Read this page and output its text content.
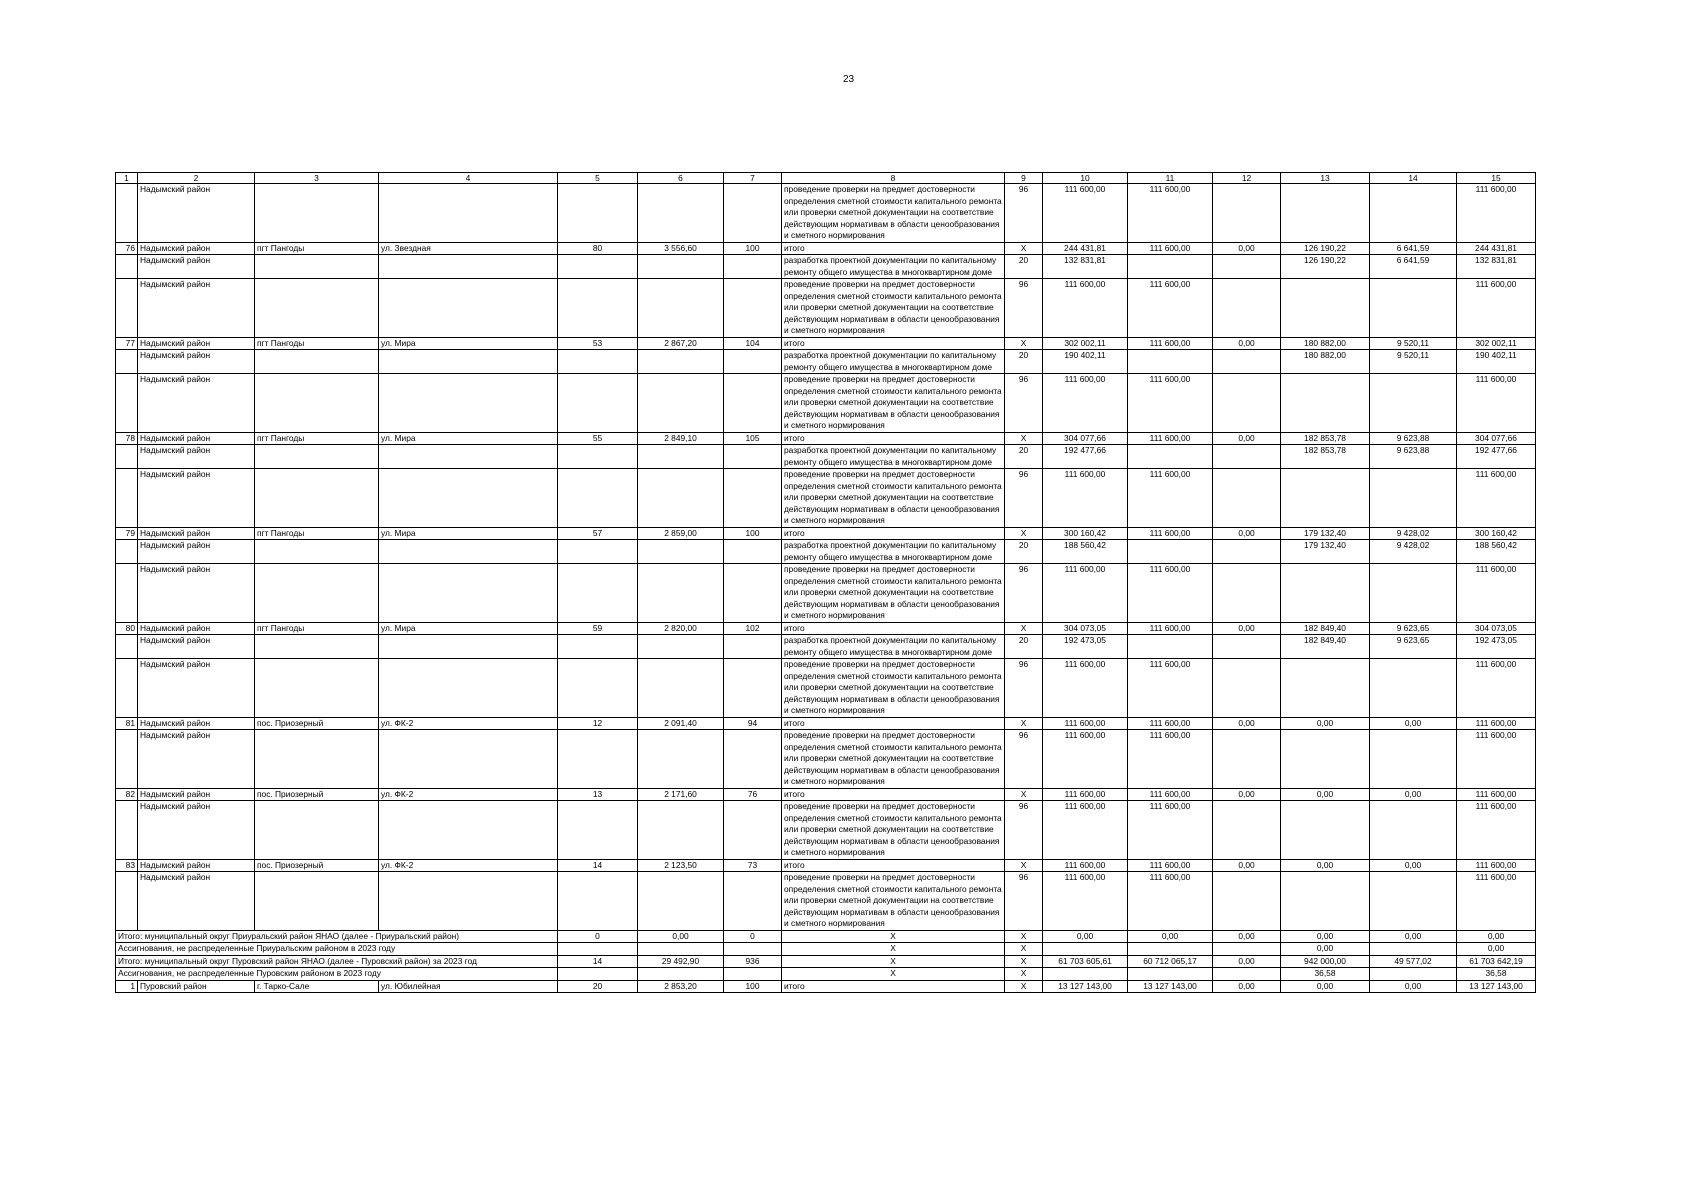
23
1	2	3	4	5	6	7	8	9	10	11	12	13	14	15
	Надымский район						проведение проверки на предмет достоверности определения сметной стоимости капитального ремонта или проверки сметной документации на соответствие действующим нормативам в области ценообразования и сметного нормирования	96	111 600,00	111 600,00				111 600,00
76	Надымский район	пгт Пангоды	ул. Звездная	80	3 556,60	100	итого	X	244 431,81	111 600,00	0,00	126 190,22	6 641,59	244 431,81
	Надымский район						разработка проектной документации по капитальному ремонту общего имущества в многоквартирном доме	20	132 831,81			126 190,22	6 641,59	132 831,81
	Надымский район						проведение проверки на предмет достоверности определения сметной стоимости капитального ремонта или проверки сметной документации на соответствие действующим нормативам в области ценообразования и сметного нормирования	96	111 600,00	111 600,00				111 600,00
77	Надымский район	пгт Пангоды	ул. Мира	53	2 867,20	104	итого	X	302 002,11	111 600,00	0,00	180 882,00	9 520,11	302 002,11
	Надымский район						разработка проектной документации по капитальному ремонту общего имущества в многоквартирном доме	20	190 402,11			180 882,00	9 520,11	190 402,11
	Надымский район						проведение проверки на предмет достоверности определения сметной стоимости капитального ремонта или проверки сметной документации на соответствие действующим нормативам в области ценообразования и сметного нормирования	96	111 600,00	111 600,00				111 600,00
78	Надымский район	пгт Пангоды	ул. Мира	55	2 849,10	105	итого	X	304 077,66	111 600,00	0,00	182 853,78	9 623,88	304 077,66
	Надымский район						разработка проектной документации по капитальному ремонту общего имущества в многоквартирном доме	20	192 477,66			182 853,78	9 623,88	192 477,66
	Надымский район						проведение проверки на предмет достоверности определения сметной стоимости капитального ремонта или проверки сметной документации на соответствие действующим нормативам в области ценообразования и сметного нормирования	96	111 600,00	111 600,00				111 600,00
79	Надымский район	пгт Пангоды	ул. Мира	57	2 859,00	100	итого	X	300 160,42	111 600,00	0,00	179 132,40	9 428,02	300 160,42
	Надымский район						разработка проектной документации по капитальному ремонту общего имущества в многоквартирном доме	20	188 560,42			179 132,40	9 428,02	188 560,42
	Надымский район						проведение проверки на предмет достоверности определения сметной стоимости капитального ремонта или проверки сметной документации на соответствие действующим нормативам в области ценообразования и сметного нормирования	96	111 600,00	111 600,00				111 600,00
80	Надымский район	пгт Пангоды	ул. Мира	59	2 820,00	102	итого	X	304 073,05	111 600,00	0,00	182 849,40	9 623,65	304 073,05
	Надымский район						разработка проектной документации по капитальному ремонту общего имущества в многоквартирном доме	20	192 473,05			182 849,40	9 623,65	192 473,05
	Надымский район						проведение проверки на предмет достоверности определения сметной стоимости капитального ремонта или проверки сметной документации на соответствие действующим нормативам в области ценообразования и сметного нормирования	96	111 600,00	111 600,00				111 600,00
81	Надымский район	пос. Приозерный	ул. ФК-2	12	2 091,40	94	итого	X	111 600,00	111 600,00	0,00	0,00	0,00	111 600,00
	Надымский район						проведение проверки на предмет достоверности определения сметной стоимости капитального ремонта или проверки сметной документации на соответствие действующим нормативам в области ценообразования и сметного нормирования	96	111 600,00	111 600,00				111 600,00
82	Надымский район	пос. Приозерный	ул. ФК-2	13	2 171,60	76	итого	X	111 600,00	111 600,00	0,00	0,00	0,00	111 600,00
	Надымский район						проведение проверки на предмет достоверности определения сметной стоимости капитального ремонта или проверки сметной документации на соответствие действующим нормативам в области ценообразования и сметного нормирования	96	111 600,00	111 600,00				111 600,00
83	Надымский район	пос. Приозерный	ул. ФК-2	14	2 123,50	73	итого	X	111 600,00	111 600,00	0,00	0,00	0,00	111 600,00
	Надымский район						проведение проверки на предмет достоверности определения сметной стоимости капитального ремонта или проверки сметной документации на соответствие действующим нормативам в области ценообразования и сметного нормирования	96	111 600,00	111 600,00				111 600,00
Итого: муниципальный округ Приуральский район ЯНАО (далее - Приуральский район)				0	0,00	0	X	X	0,00	0,00	0,00	0,00	0,00	0,00
Ассигнования, не распределенные Приуральским районом в 2023 году							X	X				0,00		0,00
Итого: муниципальный округ Пуровский район ЯНАО (далее - Пуровский район) за 2023 год				14	29 492,90	936	X	X	61 703 605,61	60 712 065,17	0,00	942 000,00	49 577,02	61 703 642,19
Ассигнования, не распределенные Пуровским районом в 2023 году							X	X				36,58		36,58
1	Пуровский район	г. Тарко-Сале	ул. Юбилейная	20	2 853,20	100	итого	X	13 127 143,00	13 127 143,00	0,00	0,00	0,00	13 127 143,00
